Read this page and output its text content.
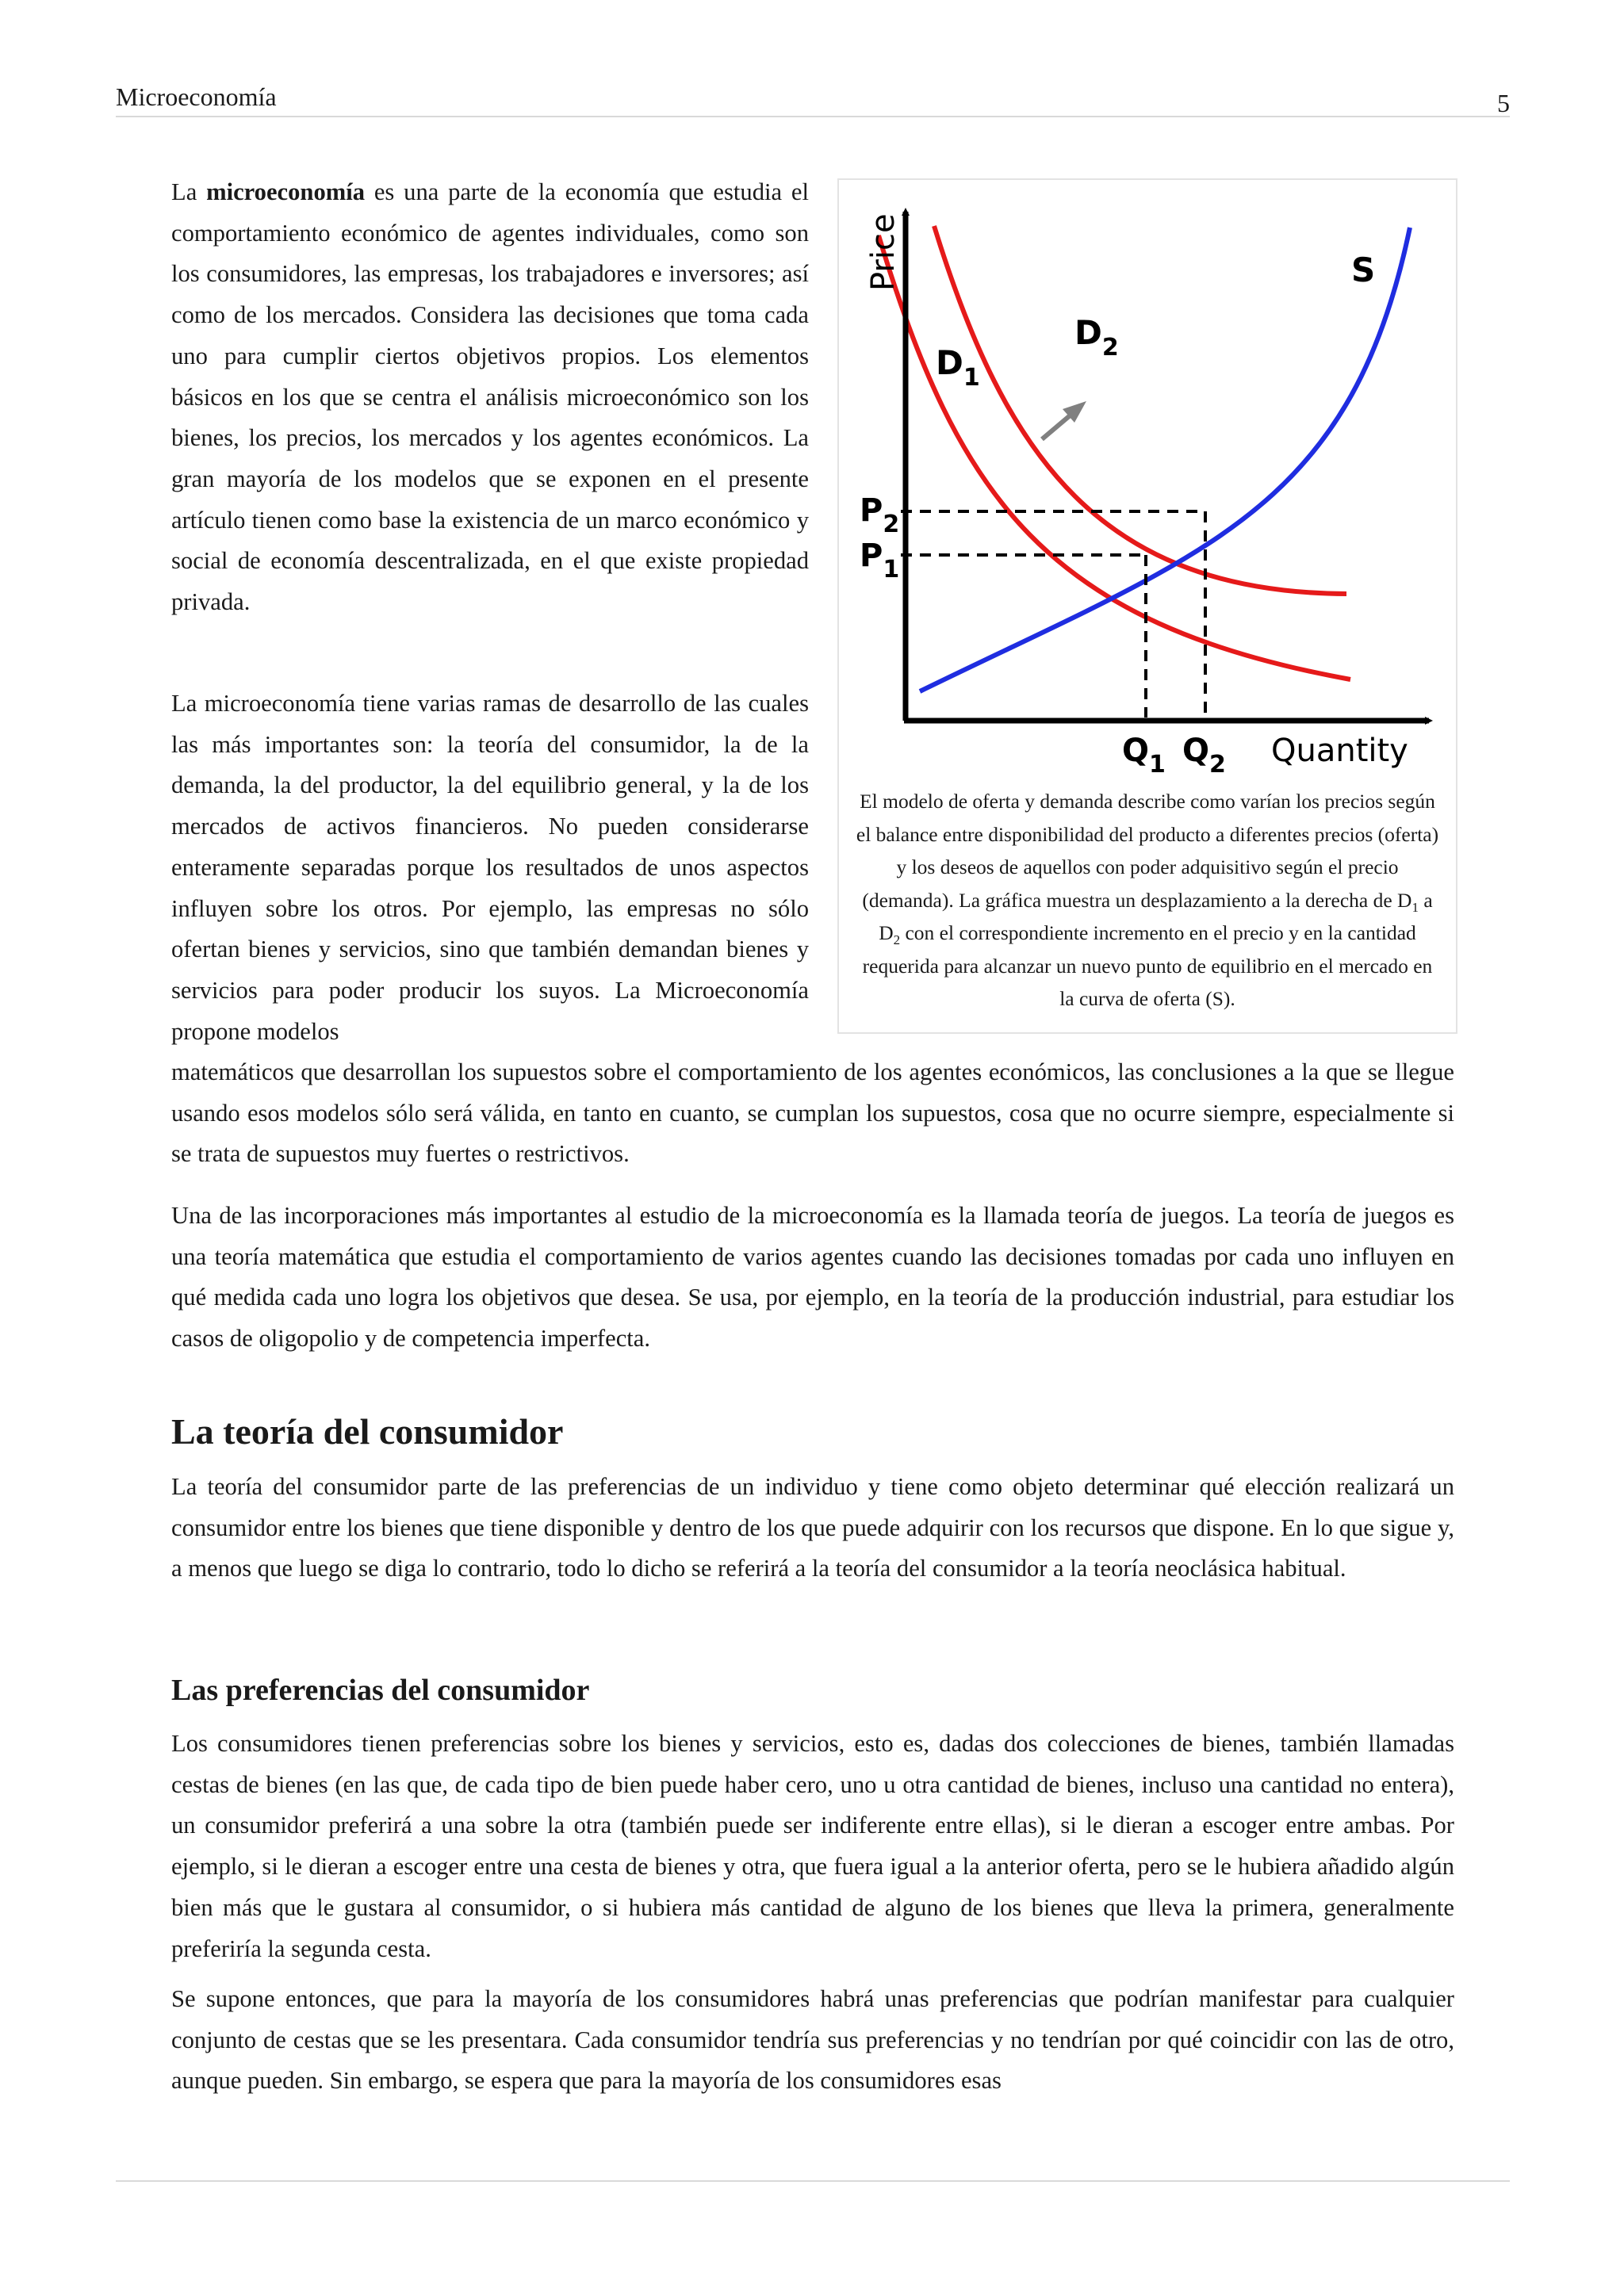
Microeconomía	5

La microeconomía es una parte de la economía que estudia el comportamiento económico de agentes individuales, como son los consumidores, las empresas, los trabajadores e inversores; así como de los mercados. Considera las decisiones que toma cada uno para cumplir ciertos objetivos propios. Los elementos básicos en los que se centra el análisis microeconómico son los bienes, los precios, los mercados y los agentes económicos. La gran mayoría de los modelos que se exponen en el presente artículo tienen como base la existencia de un marco económico y social de economía descentralizada, en el que existe propiedad privada.

La microeconomía tiene varias ramas de desarrollo de las cuales las más importantes son: la teoría del consumidor, la de la demanda, la del productor, la del equilibrio general, y la de los mercados de activos financieros. No pueden considerarse enteramente separadas porque los resultados de unos aspectos influyen sobre los otros. Por ejemplo, las empresas no sólo ofertan bienes y servicios, sino que también demandan bienes y servicios para poder producir los suyos. La Microeconomía propone modelos

matemáticos que desarrollan los supuestos sobre el comportamiento de los agentes económicos, las conclusiones a la que se llegue usando esos modelos sólo será válida, en tanto en cuanto, se cumplan los supuestos, cosa que no ocurre siempre, especialmente si se trata de supuestos muy fuertes o restrictivos.

Una de las incorporaciones más importantes al estudio de la microeconomía es la llamada teoría de juegos. La teoría de juegos es una teoría matemática que estudia el comportamiento de varios agentes cuando las decisiones tomadas por cada uno influyen en qué medida cada uno logra los objetivos que desea. Se usa, por ejemplo, en la teoría de la producción industrial, para estudiar los casos de oligopolio y de competencia imperfecta.

Price
Quantity
S
$D_1$
$D_2$
$P_2$
$P_1$
$Q_1$ $Q_2$

El modelo de oferta y demanda describe como varían los precios según el balance entre disponibilidad del producto a diferentes precios (oferta) y los deseos de aquellos con poder adquisitivo según el precio (demanda). La gráfica muestra un desplazamiento a la derecha de $D_1$ a $D_2$ con el correspondiente incremento en el precio y en la cantidad requerida para alcanzar un nuevo punto de equilibrio en el mercado en la curva de oferta (S).

La teoría del consumidor

La teoría del consumidor parte de las preferencias de un individuo y tiene como objeto determinar qué elección realizará un consumidor entre los bienes que tiene disponible y dentro de los que puede adquirir con los recursos que dispone. En lo que sigue y, a menos que luego se diga lo contrario, todo lo dicho se referirá a la teoría del consumidor a la teoría neoclásica habitual.

Las preferencias del consumidor

Los consumidores tienen preferencias sobre los bienes y servicios, esto es, dadas dos colecciones de bienes, también llamadas cestas de bienes (en las que, de cada tipo de bien puede haber cero, uno u otra cantidad de bienes, incluso una cantidad no entera), un consumidor preferirá a una sobre la otra (también puede ser indiferente entre ellas), si le dieran a escoger entre ambas. Por ejemplo, si le dieran a escoger entre una cesta de bienes y otra, que fuera igual a la anterior oferta, pero se le hubiera añadido algún bien más que le gustara al consumidor, o si hubiera más cantidad de alguno de los bienes que lleva la primera, generalmente preferiría la segunda cesta.

Se supone entonces, que para la mayoría de los consumidores habrá unas preferencias que podrían manifestar para cualquier conjunto de cestas que se les presentara. Cada consumidor tendría sus preferencias y no tendrían por qué coincidir con las de otro, aunque pueden. Sin embargo, se espera que para la mayoría de los consumidores esas
